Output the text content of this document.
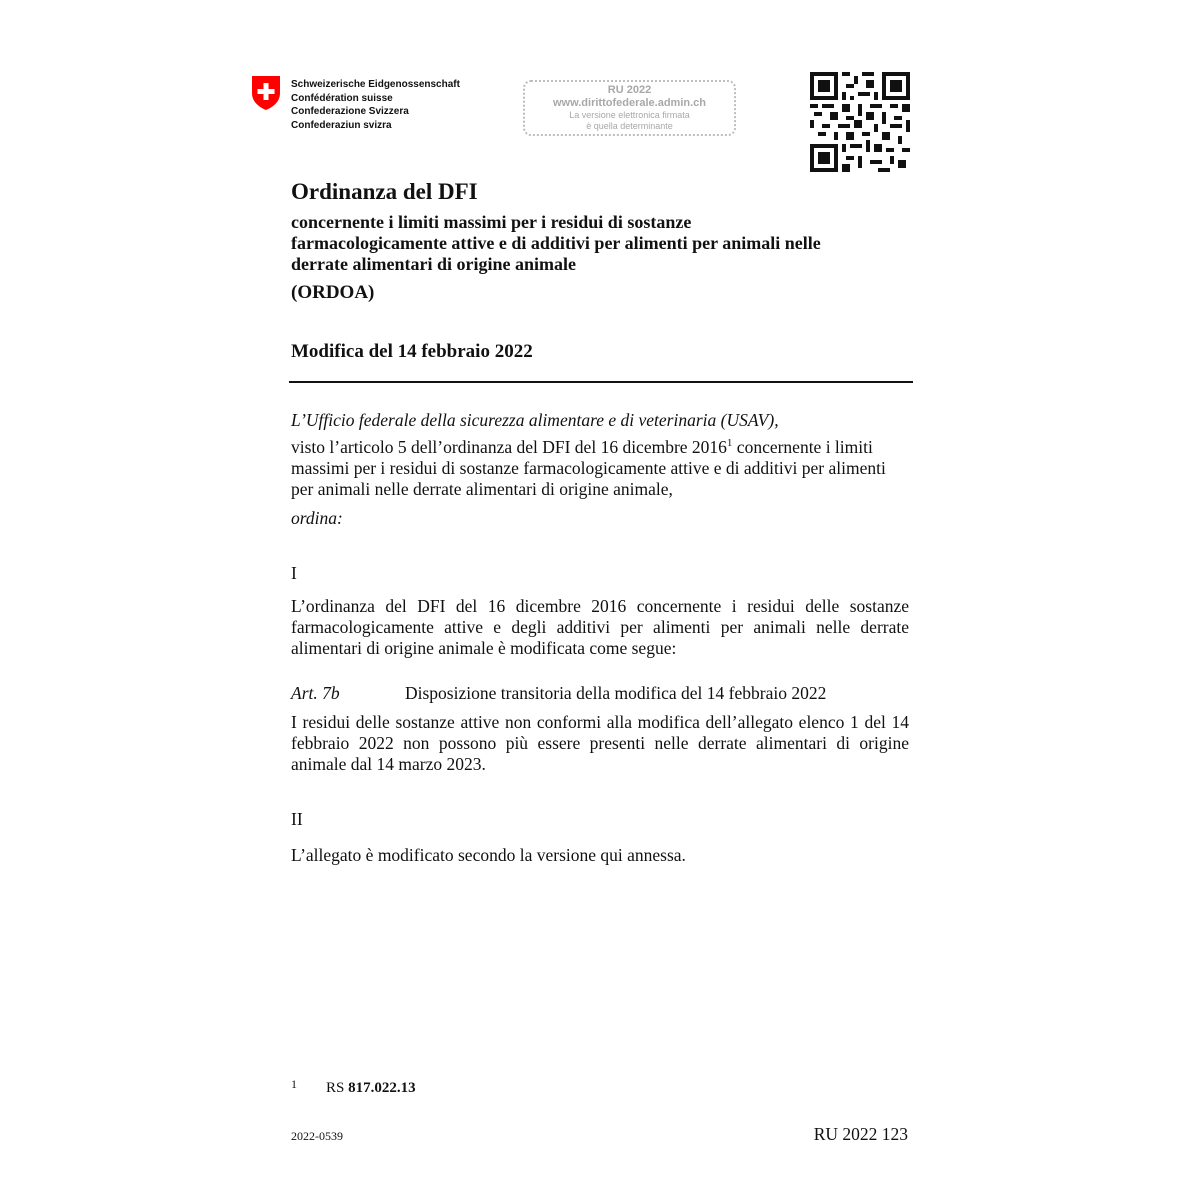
Schweizerische Eidgenossenschaft
Confédération suisse
Confederazione Svizzera
Confederaziun svizra
RU 2022
www.dirittofederale.admin.ch
La versione elettronica firmata
è quella determinante
Ordinanza del DFI
concernente i limiti massimi per i residui di sostanze farmacologicamente attive e di additivi per alimenti per animali nelle derrate alimentari di origine animale
(ORDOA)
Modifica del 14 febbraio 2022
L’Ufficio federale della sicurezza alimentare e di veterinaria (USAV),
visto l’articolo 5 dell’ordinanza del DFI del 16 dicembre 2016$^1$ concernente i limiti massimi per i residui di sostanze farmacologicamente attive e di additivi per alimenti per animali nelle derrate alimentari di origine animale,
ordina:
I
L’ordinanza del DFI del 16 dicembre 2016 concernente i residui delle sostanze farmacologicamente attive e degli additivi per alimenti per animali nelle derrate alimentari di origine animale è modificata come segue:
Art. 7b	Disposizione transitoria della modifica del 14 febbraio 2022
I residui delle sostanze attive non conformi alla modifica dell’allegato elenco 1 del 14 febbraio 2022 non possono più essere presenti nelle derrate alimentari di origine animale dal 14 marzo 2023.
II
L’allegato è modificato secondo la versione qui annessa.
1 RS 817.022.13
2022-0539	RU 2022 123
